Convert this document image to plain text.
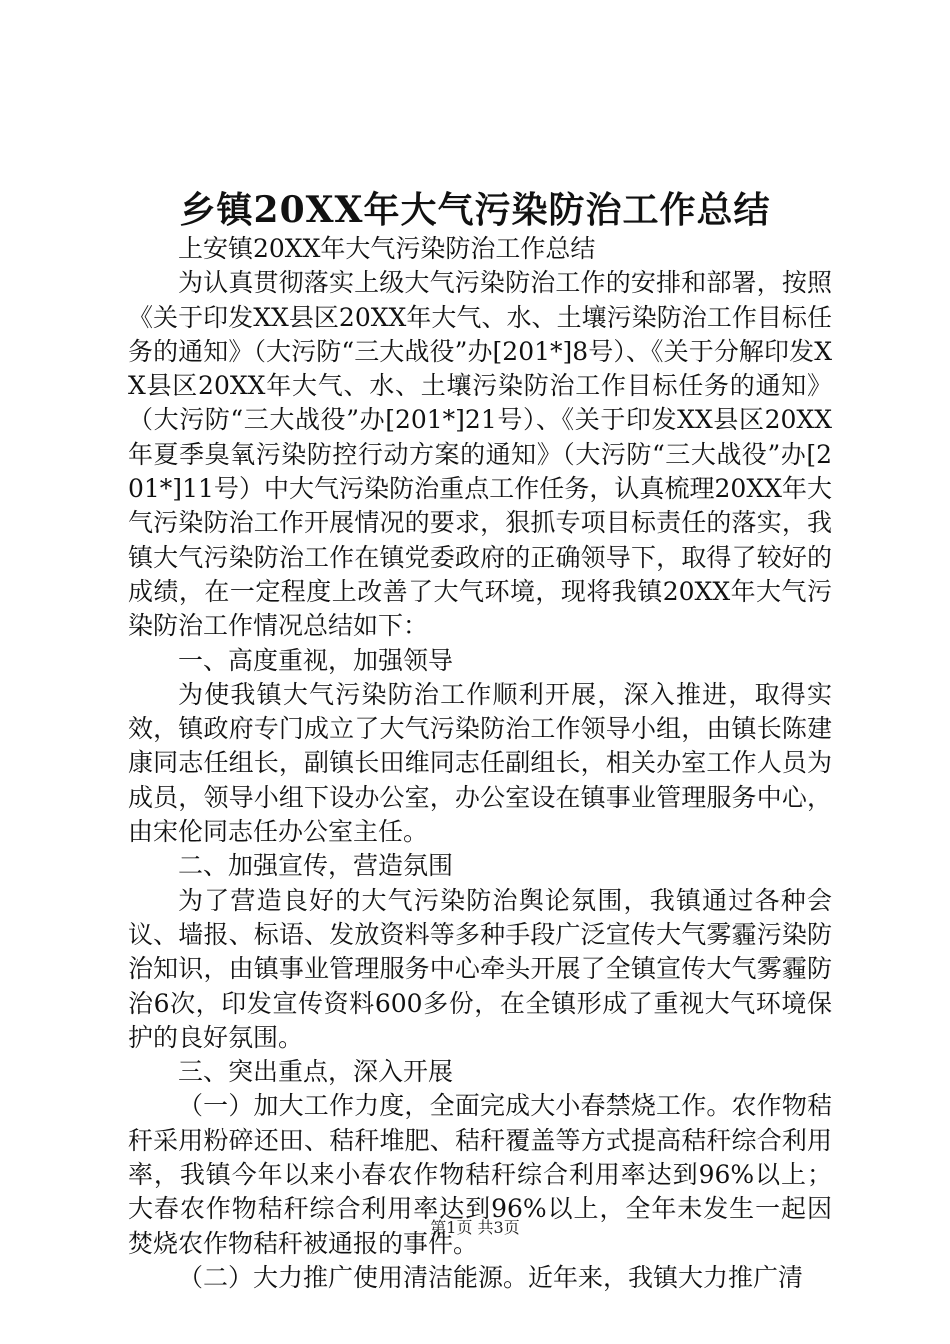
乡镇20XX年大气污染防治工作总结

上安镇20XX年大气污染防治工作总结

为认真贯彻落实上级大气污染防治工作的安排和部署，按照《关于印发XX县区20XX年大气、水、土壤污染防治工作目标任务的通知》（大污防“三大战役”办[201*]8号）、《关于分解印发XX县区20XX年大气、水、土壤污染防治工作目标任务的通知》（大污防“三大战役”办[201*]21号）、《关于印发XX县区20XX年夏季臭氧污染防控行动方案的通知》（大污防“三大战役”办[201*]11号）中大气污染防治重点工作任务，认真梳理20XX年大气污染防治工作开展情况的要求，狠抓专项目标责任的落实，我镇大气污染防治工作在镇党委政府的正确领导下，取得了较好的成绩，在一定程度上改善了大气环境，现将我镇20XX年大气污染防治工作情况总结如下：

一、高度重视，加强领导

为使我镇大气污染防治工作顺利开展，深入推进，取得实效，镇政府专门成立了大气污染防治工作领导小组，由镇长陈建康同志任组长，副镇长田维同志任副组长，相关办室工作人员为成员，领导小组下设办公室，办公室设在镇事业管理服务中心，由宋伦同志任办公室主任。

二、加强宣传，营造氛围

为了营造良好的大气污染防治舆论氛围，我镇通过各种会议、墙报、标语、发放资料等多种手段广泛宣传大气雾霾污染防治知识，由镇事业管理服务中心牵头开展了全镇宣传大气雾霾防治6次，印发宣传资料600多份，在全镇形成了重视大气环境保护的良好氛围。

三、突出重点，深入开展

（一）加大工作力度，全面完成大小春禁烧工作。农作物秸秆采用粉碎还田、秸秆堆肥、秸秆覆盖等方式提高秸秆综合利用率，我镇今年以来小春农作物秸秆综合利用率达到96%以上；大春农作物秸秆综合利用率达到96%以上，全年未发生一起因焚烧农作物秸秆被通报的事件。

（二）大力推广使用清洁能源。近年来，我镇大力推广清

第1页 共3页
